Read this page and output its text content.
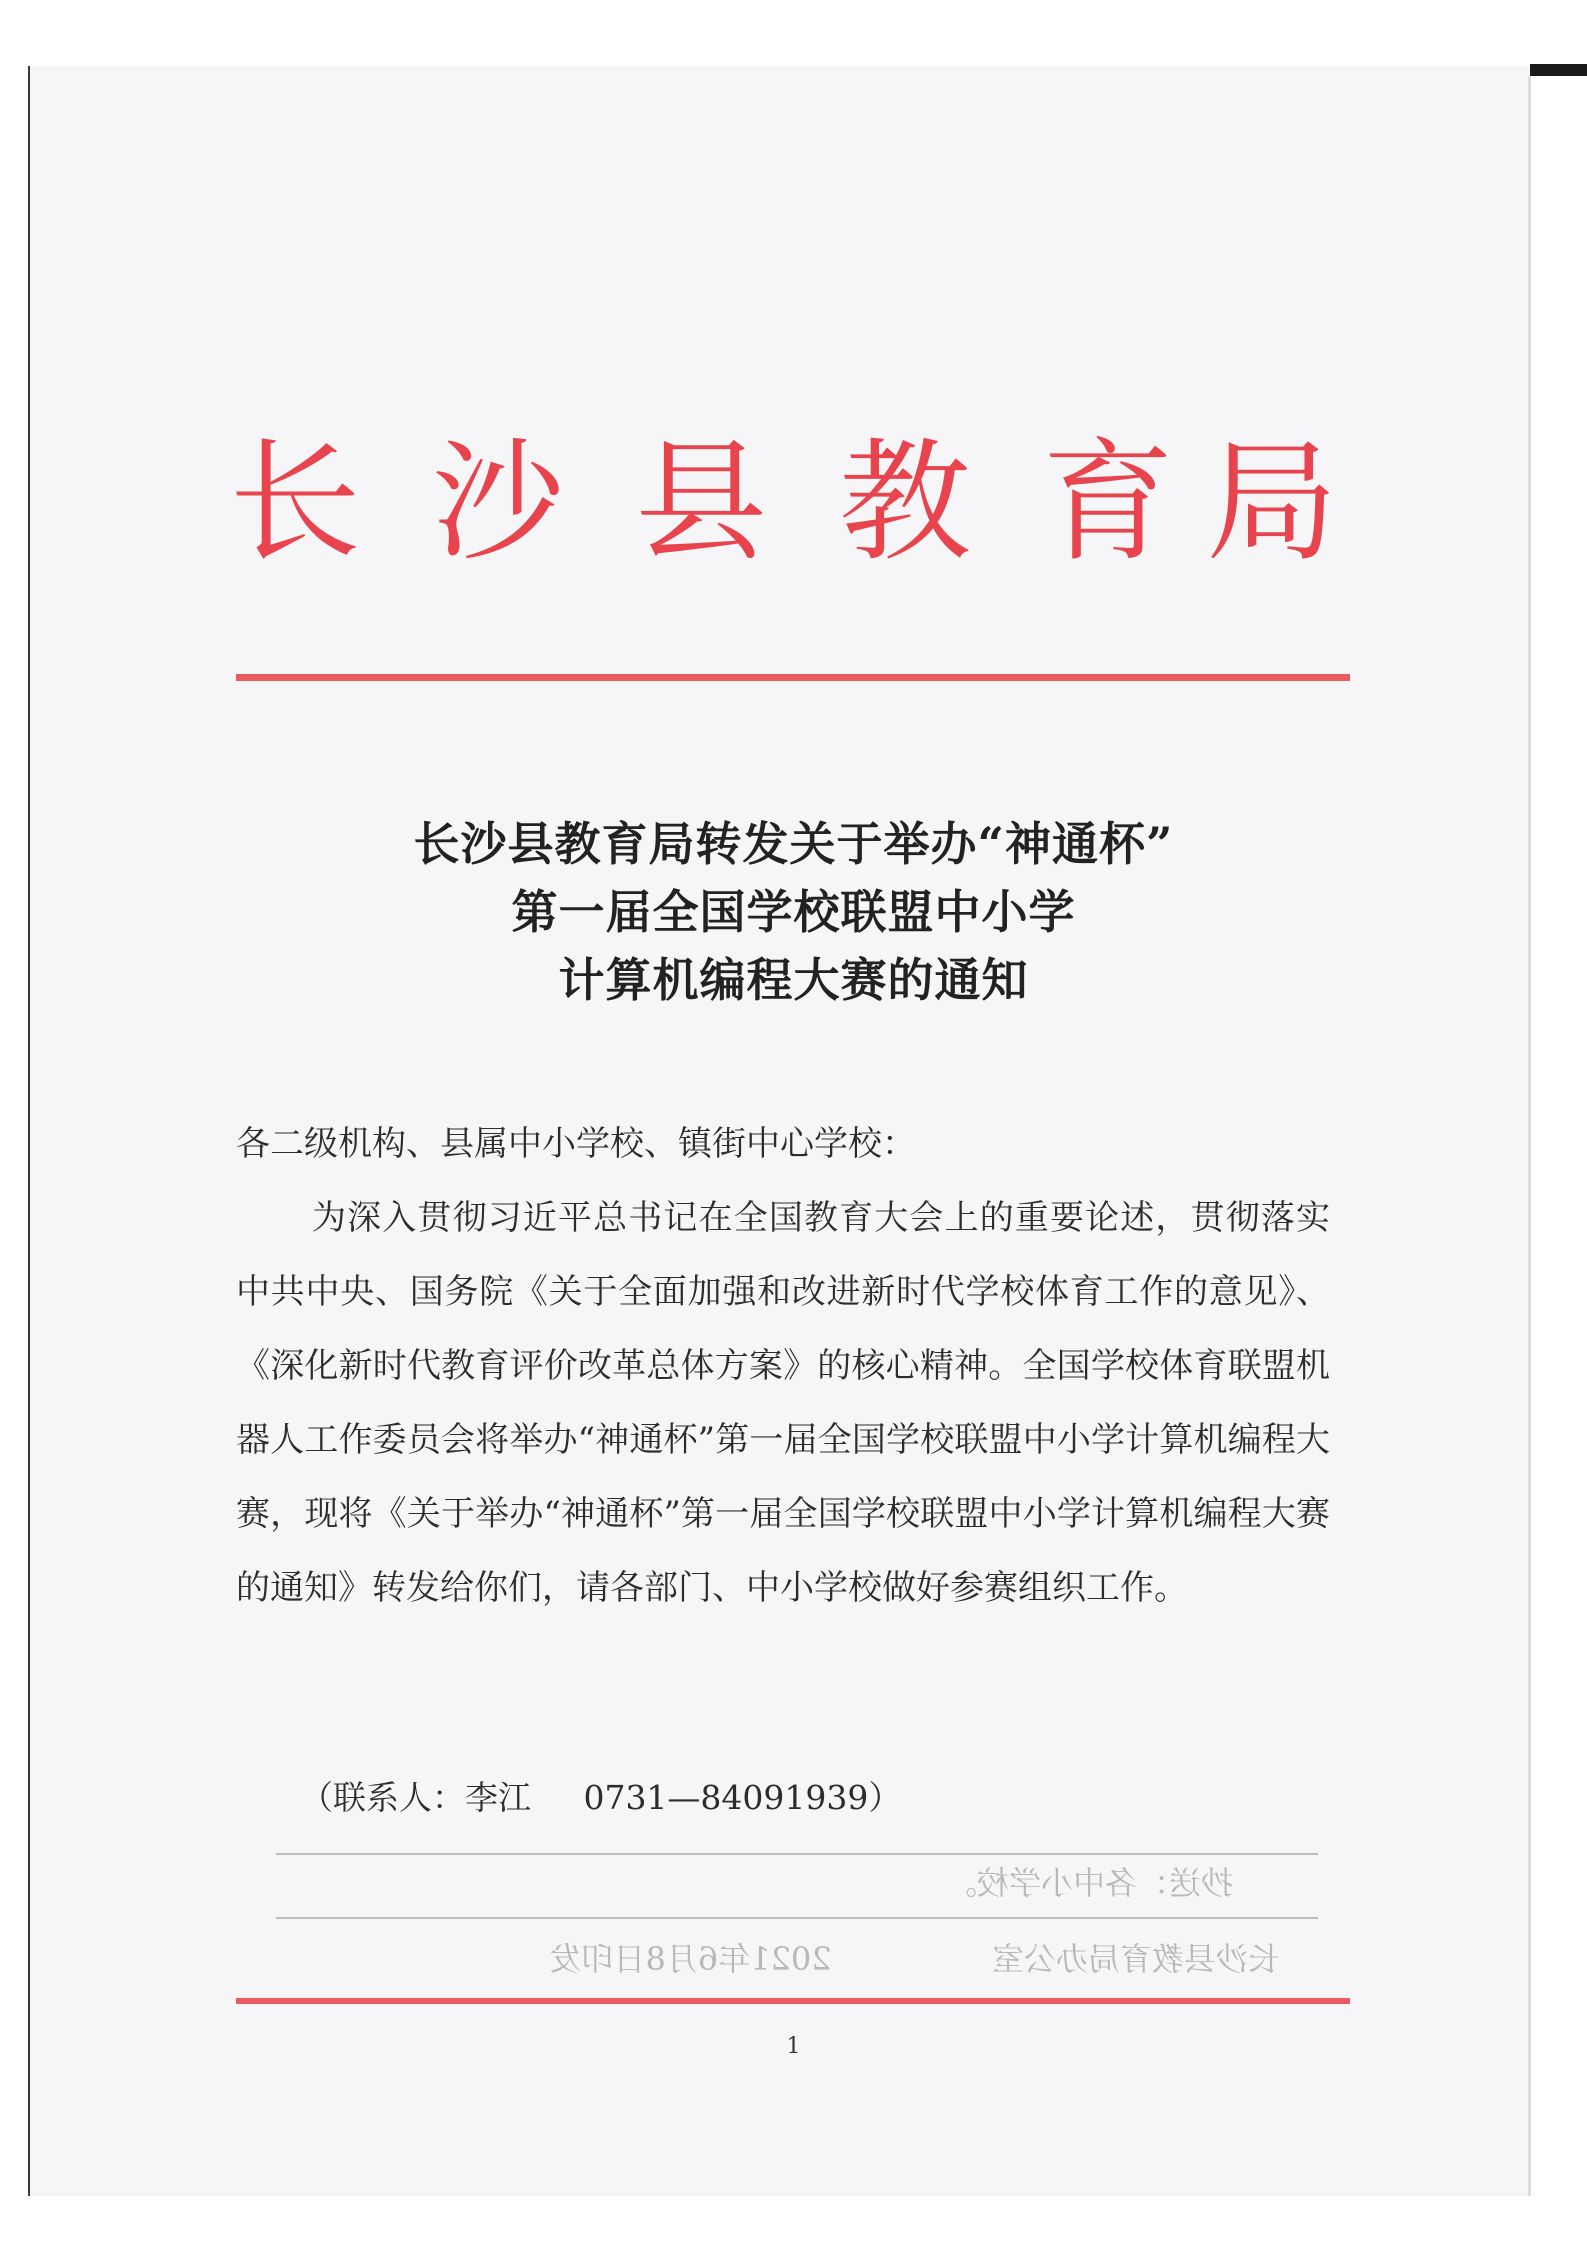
长 沙 县 教 育 局
长沙县教育局转发关于举办“神通杯”
第一届全国学校联盟中小学
计算机编程大赛的通知

各二级机构、县属中小学校、镇街中心学校：

为深入贯彻习近平总书记在全国教育大会上的重要论述，贯彻落实中共中央、国务院《关于全面加强和改进新时代学校体育工作的意见》、《深化新时代教育评价改革总体方案》的核心精神。全国学校体育联盟机器人工作委员会将举办“神通杯”第一届全国学校联盟中小学计算机编程大赛，现将《关于举办“神通杯”第一届全国学校联盟中小学计算机编程大赛的通知》转发给你们，请各部门、中小学校做好参赛组织工作。

（联系人：李江     0731—84091939）
抄送：各中小学校。
长沙县教育局办公室  2021年6月8日印发
1
